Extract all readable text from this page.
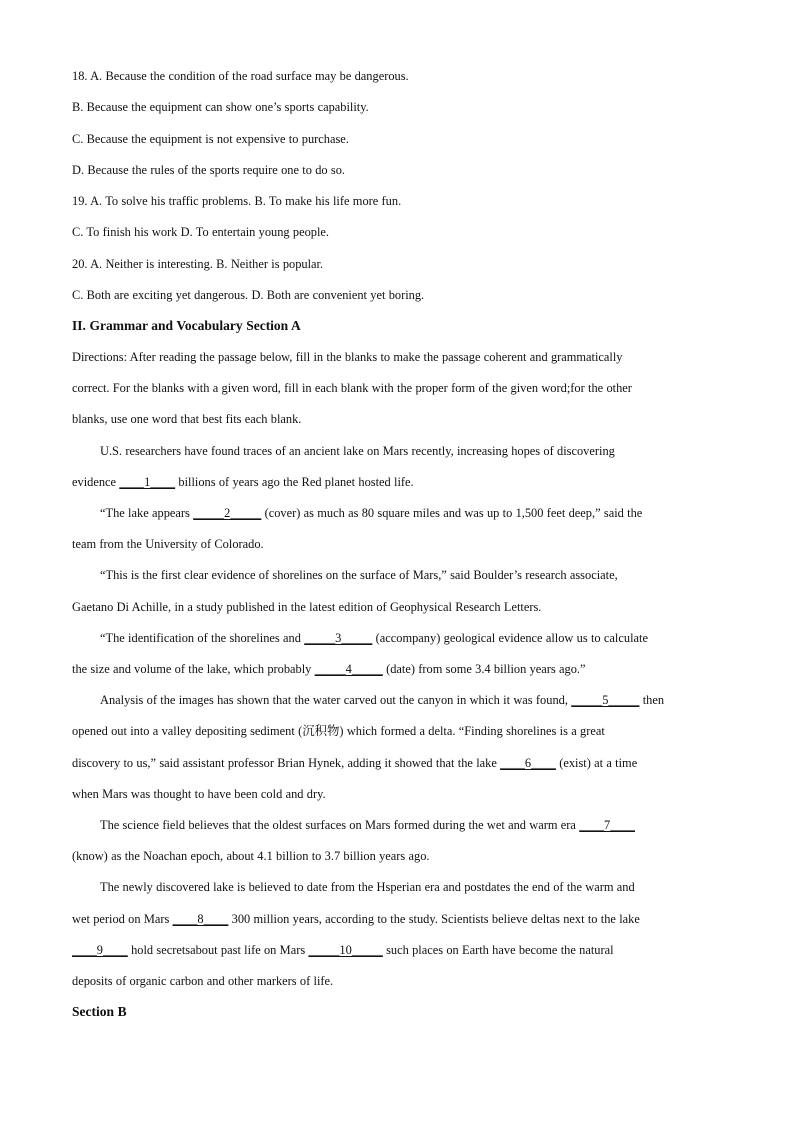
18. A. Because the condition of the road surface may be dangerous.
B. Because the equipment can show one’s sports capability.
C. Because the equipment is not expensive to purchase.
D. Because the rules of the sports require one to do so.
19. A. To solve his traffic problems. B. To make his life more fun.
C. To finish his work D. To entertain young people.
20. A. Neither is interesting. B. Neither is popular.
C. Both are exciting yet dangerous. D. Both are convenient yet boring.
II. Grammar and Vocabulary Section A
Directions: After reading the passage below, fill in the blanks to make the passage coherent and grammatically
correct. For the blanks with a given word, fill in each blank with the proper form of the given word;for the other
blanks, use one word that best fits each blank.
U.S. researchers have found traces of an ancient lake on Mars recently, increasing hopes of discovering
evidence ____1____ billions of years ago the Red planet hosted life.
“The lake appears _____2_____ (cover) as much as 80 square miles and was up to 1,500 feet deep,” said the
team from the University of Colorado.
“This is the first clear evidence of shorelines on the surface of Mars,” said Boulder’s research associate,
Gaetano Di Achille, in a study published in the latest edition of Geophysical Research Letters.
“The identification of the shorelines and _____3_____ (accompany) geological evidence allow us to calculate
the size and volume of the lake, which probably _____4_____ (date) from some 3.4 billion years ago.”
Analysis of the images has shown that the water carved out the canyon in which it was found, _____5_____ then
opened out into a valley depositing sediment (沉积物) which formed a delta. “Finding shorelines is a great
discovery to us,” said assistant professor Brian Hynek, adding it showed that the lake ____6____ (exist) at a time
when Mars was thought to have been cold and dry.
The science field believes that the oldest surfaces on Mars formed during the wet and warm era ____7____
(know) as the Noachan epoch, about 4.1 billion to 3.7 billion years ago.
The newly discovered lake is believed to date from the Hsperian era and postdates the end of the warm and
wet period on Mars ____8____ 300 million years, according to the study. Scientists believe deltas next to the lake
____9____ hold secretsabout past life on Mars _____10_____ such places on Earth have become the natural
deposits of organic carbon and other markers of life.
Section B
